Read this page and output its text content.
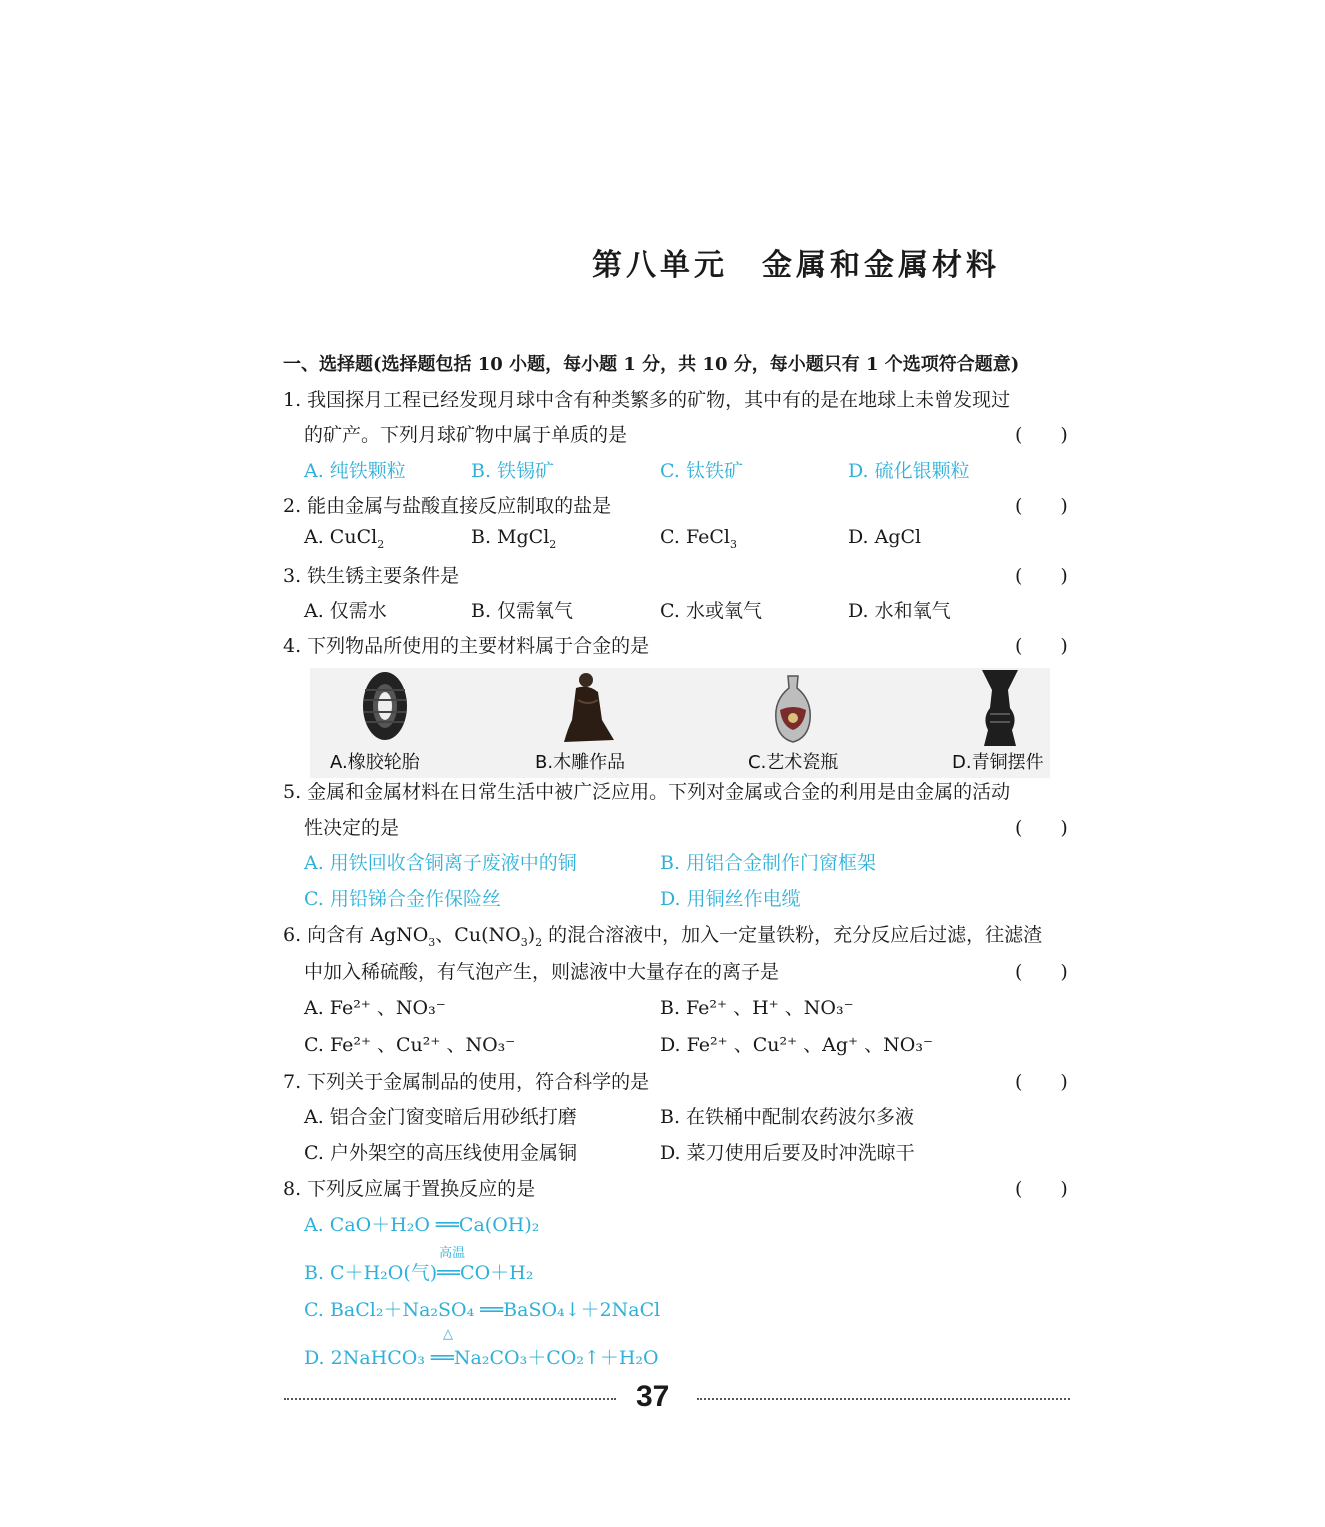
第八单元　金属和金属材料
一、选择题(选择题包括 10 小题，每小题 1 分，共 10 分，每小题只有 1 个选项符合题意)
1. 我国探月工程已经发现月球中含有种类繁多的矿物，其中有的是在地球上未曾发现过
的矿产。下列月球矿物中属于单质的是	(　　)
A. 纯铁颗粒	B. 铁锡矿	C. 钛铁矿	D. 硫化银颗粒
2. 能由金属与盐酸直接反应制取的盐是	(　　)
A. CuCl$_2$	B. MgCl$_2$	C. FeCl$_3$	D. AgCl
3. 铁生锈主要条件是	(　　)
A. 仅需水	B. 仅需氧气	C. 水或氧气	D. 水和氧气
4. 下列物品所使用的主要材料属于合金的是	(　　)
A.橡胶轮胎	B.木雕作品	C.艺术瓷瓶	D.青铜摆件
5. 金属和金属材料在日常生活中被广泛应用。下列对金属或合金的利用是由金属的活动
性决定的是	(　　)
A. 用铁回收含铜离子废液中的铜	B. 用铝合金制作门窗框架
C. 用铅锑合金作保险丝	D. 用铜丝作电缆
6. 向含有 AgNO$_3$、$Cu(NO_3)_2$ 的混合溶液中，加入一定量铁粉，充分反应后过滤，往滤渣
中加入稀硫酸，有气泡产生，则滤液中大量存在的离子是	(　　)
A. Fe²⁺ 、NO₃⁻	B. Fe²⁺ 、H⁺ 、NO₃⁻
C. Fe²⁺ 、Cu²⁺ 、NO₃⁻	D. Fe²⁺ 、Cu²⁺ 、Ag⁺ 、NO₃⁻
7. 下列关于金属制品的使用，符合科学的是	(　　)
A. 铝合金门窗变暗后用砂纸打磨	B. 在铁桶中配制农药波尔多液
C. 户外架空的高压线使用金属铜	D. 菜刀使用后要及时冲洗晾干
8. 下列反应属于置换反应的是	(　　)
A. CaO＋H₂O ══Ca(OH)₂
B. C＋H₂O(气)
高温
══CO＋H₂
C. BaCl₂＋Na₂SO₄ ══BaSO₄↓＋2NaCl
D. 2NaHCO₃
△
══Na₂CO₃＋CO₂↑＋H₂O
37
